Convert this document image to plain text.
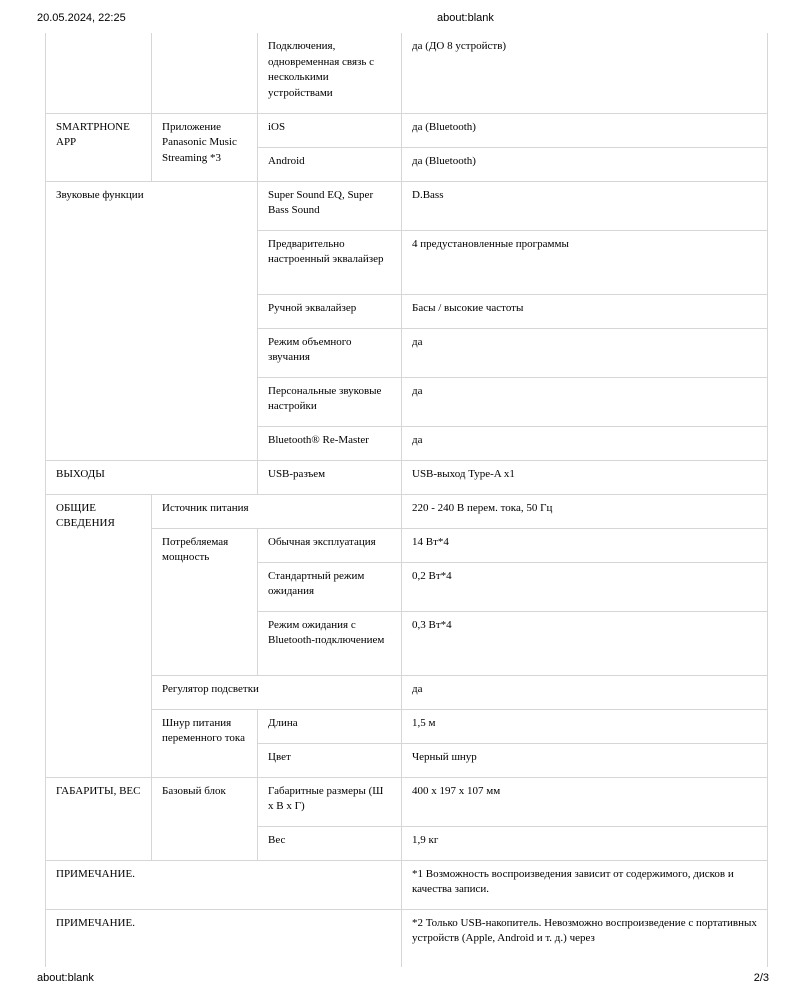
20.05.2024, 22:25	about:blank
		Подключения, одновременная связь с несколькими устройствами	да (ДО 8 устройств)
SMARTPHONE APP	Приложение Panasonic Music Streaming *3	iOS	да (Bluetooth)
		Android	да (Bluetooth)
Звуковые функции		Super Sound EQ, Super Bass Sound	D.Bass
		Предварительно настроенный эквалайзер	4 предустановленные программы
		Ручной эквалайзер	Басы / высокие частоты
		Режим объемного звучания	да
		Персональные звуковые настройки	да
		Bluetooth® Re-Master	да
ВЫХОДЫ		USB-разъем	USB-выход Type-A x1
ОБЩИЕ СВЕДЕНИЯ	Источник питания		220 - 240 В перем. тока, 50 Гц
	Потребляемая мощность	Обычная эксплуатация	14 Вт*4
		Стандартный режим ожидания	0,2 Вт*4
		Режим ожидания с Bluetooth-подключением	0,3 Вт*4
	Регулятор подсветки		да
	Шнур питания переменного тока	Длина	1,5 м
		Цвет	Черный шнур
ГАБАРИТЫ, ВЕС	Базовый блок	Габаритные размеры (Ш x В x Г)	400 x 197 x 107 мм
		Вес	1,9 кг
ПРИМЕЧАНИЕ.			*1 Возможность воспроизведения зависит от содержимого, дисков и качества записи.
ПРИМЕЧАНИЕ.			*2 Только USB-накопитель. Невозможно воспроизведение с портативных устройств (Apple, Android и т. д.) через
about:blank	2/3
